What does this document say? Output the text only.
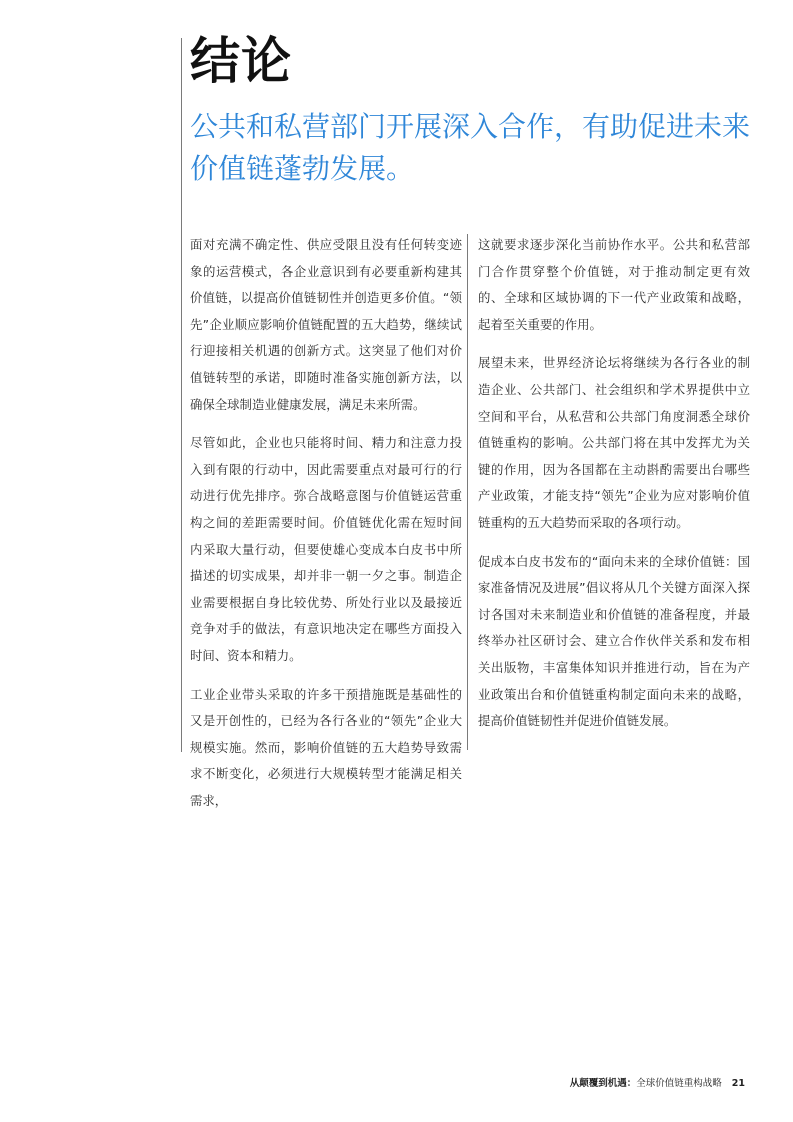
结论
公共和私营部门开展深入合作，有助促进未来价值链蓬勃发展。

面对充满不确定性、供应受限且没有任何转变迹象的运营模式，各企业意识到有必要重新构建其价值链，以提高价值链韧性并创造更多价值。“领先”企业顺应影响价值链配置的五大趋势，继续试行迎接相关机遇的创新方式。这突显了他们对价值链转型的承诺，即随时准备实施创新方法，以确保全球制造业健康发展，满足未来所需。

尽管如此，企业也只能将时间、精力和注意力投入到有限的行动中，因此需要重点对最可行的行动进行优先排序。弥合战略意图与价值链运营重构之间的差距需要时间。价值链优化需在短时间内采取大量行动，但要使雄心变成本白皮书中所描述的切实成果，却并非一朝一夕之事。制造企业需要根据自身比较优势、所处行业以及最接近竞争对手的做法，有意识地决定在哪些方面投入时间、资本和精力。

工业企业带头采取的许多干预措施既是基础性的又是开创性的，已经为各行各业的“领先”企业大规模实施。然而，影响价值链的五大趋势导致需求不断变化，必须进行大规模转型才能满足相关需求，

这就要求逐步深化当前协作水平。公共和私营部门合作贯穿整个价值链，对于推动制定更有效的、全球和区域协调的下一代产业政策和战略，起着至关重要的作用。

展望未来，世界经济论坛将继续为各行各业的制造企业、公共部门、社会组织和学术界提供中立空间和平台，从私营和公共部门角度洞悉全球价值链重构的影响。公共部门将在其中发挥尤为关键的作用，因为各国都在主动斟酌需要出台哪些产业政策，才能支持“领先”企业为应对影响价值链重构的五大趋势而采取的各项行动。

促成本白皮书发布的“面向未来的全球价值链：国家准备情况及进展”倡议将从几个关键方面深入探讨各国对未来制造业和价值链的准备程度，并最终举办社区研讨会、建立合作伙伴关系和发布相关出版物，丰富集体知识并推进行动，旨在为产业政策出台和价值链重构制定面向未来的战略，提高价值链韧性并促进价值链发展。

从颠覆到机遇：全球价值链重构战略 21
